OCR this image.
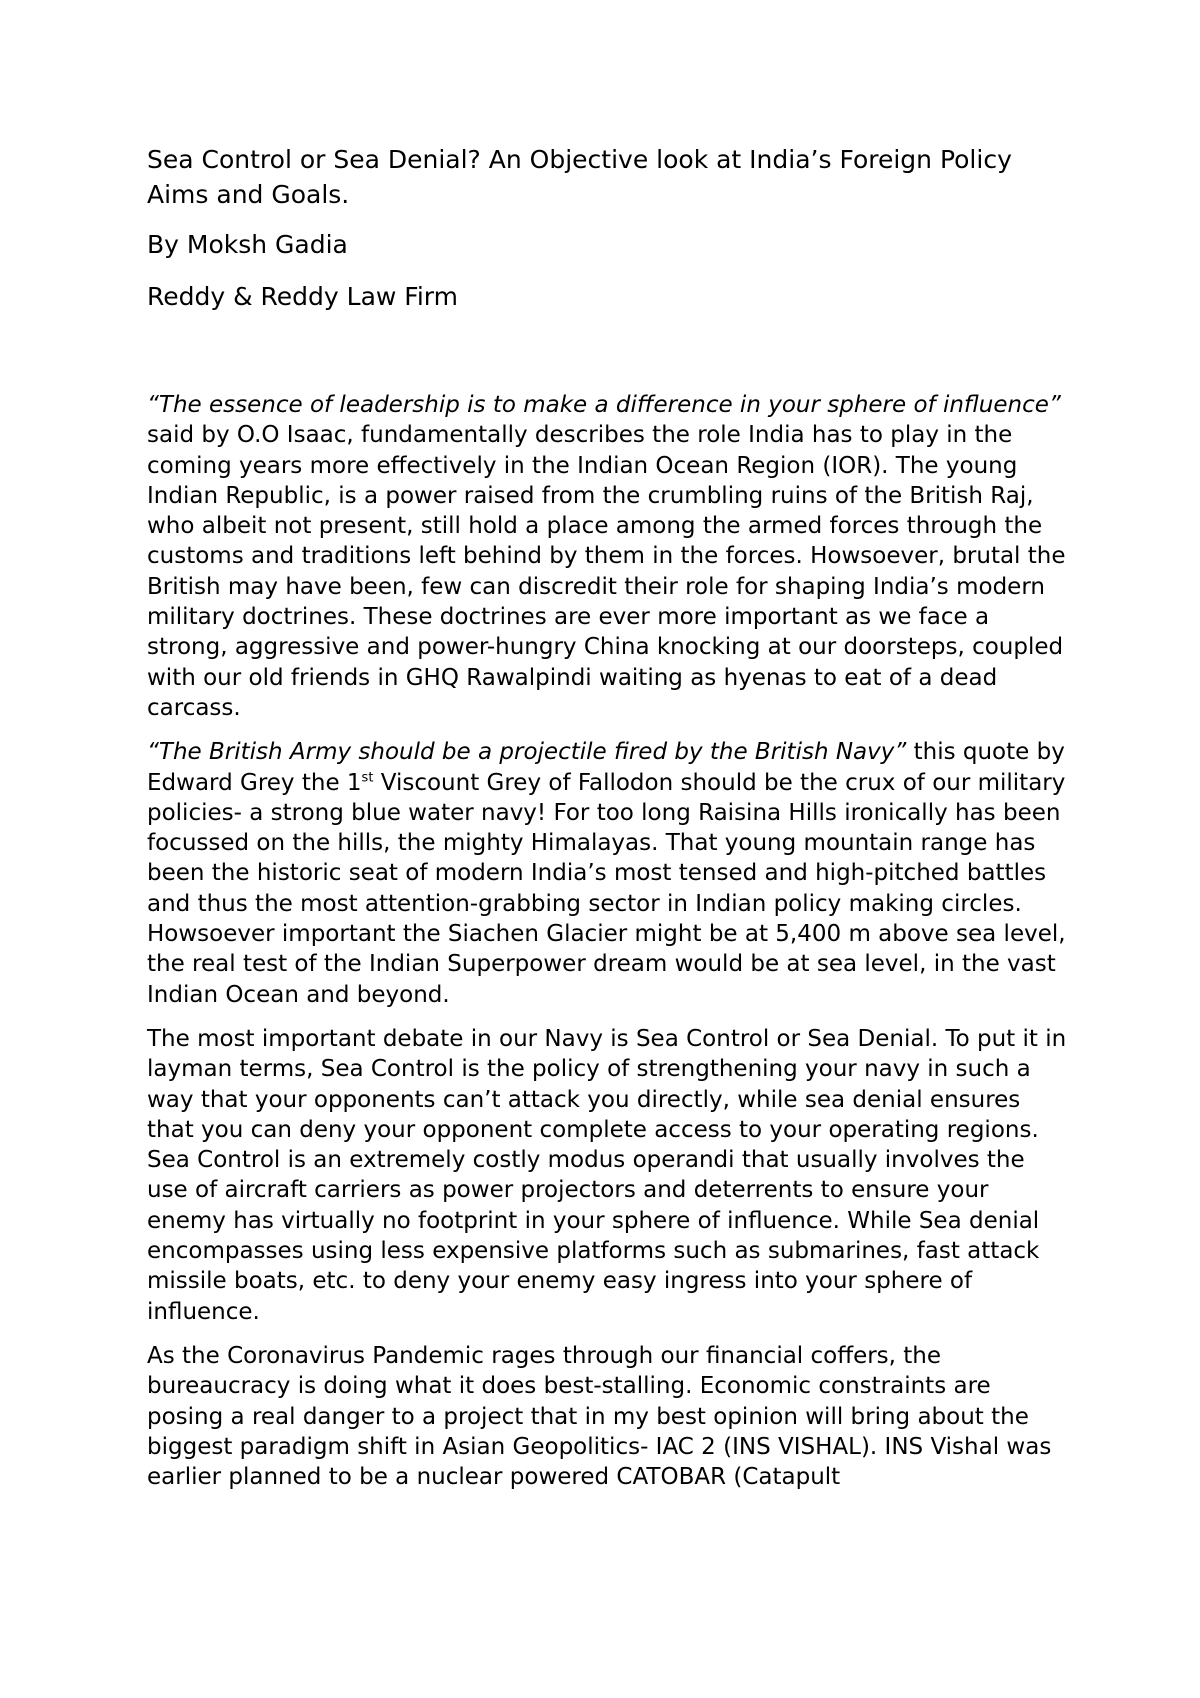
Sea Control or Sea Denial? An Objective look at India’s Foreign Policy Aims and Goals.

By Moksh Gadia

Reddy & Reddy Law Firm

“The essence of leadership is to make a difference in your sphere of influence” said by O.O Isaac, fundamentally describes the role India has to play in the coming years more effectively in the Indian Ocean Region (IOR). The young Indian Republic, is a power raised from the crumbling ruins of the British Raj, who albeit not present, still hold a place among the armed forces through the customs and traditions left behind by them in the forces. Howsoever, brutal the British may have been, few can discredit their role for shaping India’s modern military doctrines. These doctrines are ever more important as we face a strong, aggressive and power-hungry China knocking at our doorsteps, coupled with our old friends in GHQ Rawalpindi waiting as hyenas to eat of a dead carcass.

“The British Army should be a projectile fired by the British Navy” this quote by Edward Grey the 1st Viscount Grey of Fallodon should be the crux of our military policies- a strong blue water navy! For too long Raisina Hills ironically has been focussed on the hills, the mighty Himalayas. That young mountain range has been the historic seat of modern India’s most tensed and high-pitched battles and thus the most attention-grabbing sector in Indian policy making circles. Howsoever important the Siachen Glacier might be at 5,400 m above sea level, the real test of the Indian Superpower dream would be at sea level, in the vast Indian Ocean and beyond.

The most important debate in our Navy is Sea Control or Sea Denial. To put it in layman terms, Sea Control is the policy of strengthening your navy in such a way that your opponents can’t attack you directly, while sea denial ensures that you can deny your opponent complete access to your operating regions. Sea Control is an extremely costly modus operandi that usually involves the use of aircraft carriers as power projectors and deterrents to ensure your enemy has virtually no footprint in your sphere of influence. While Sea denial encompasses using less expensive platforms such as submarines, fast attack missile boats, etc. to deny your enemy easy ingress into your sphere of influence.

As the Coronavirus Pandemic rages through our financial coffers, the bureaucracy is doing what it does best-stalling. Economic constraints are posing a real danger to a project that in my best opinion will bring about the biggest paradigm shift in Asian Geopolitics- IAC 2 (INS VISHAL). INS Vishal was earlier planned to be a nuclear powered CATOBAR (Catapult
